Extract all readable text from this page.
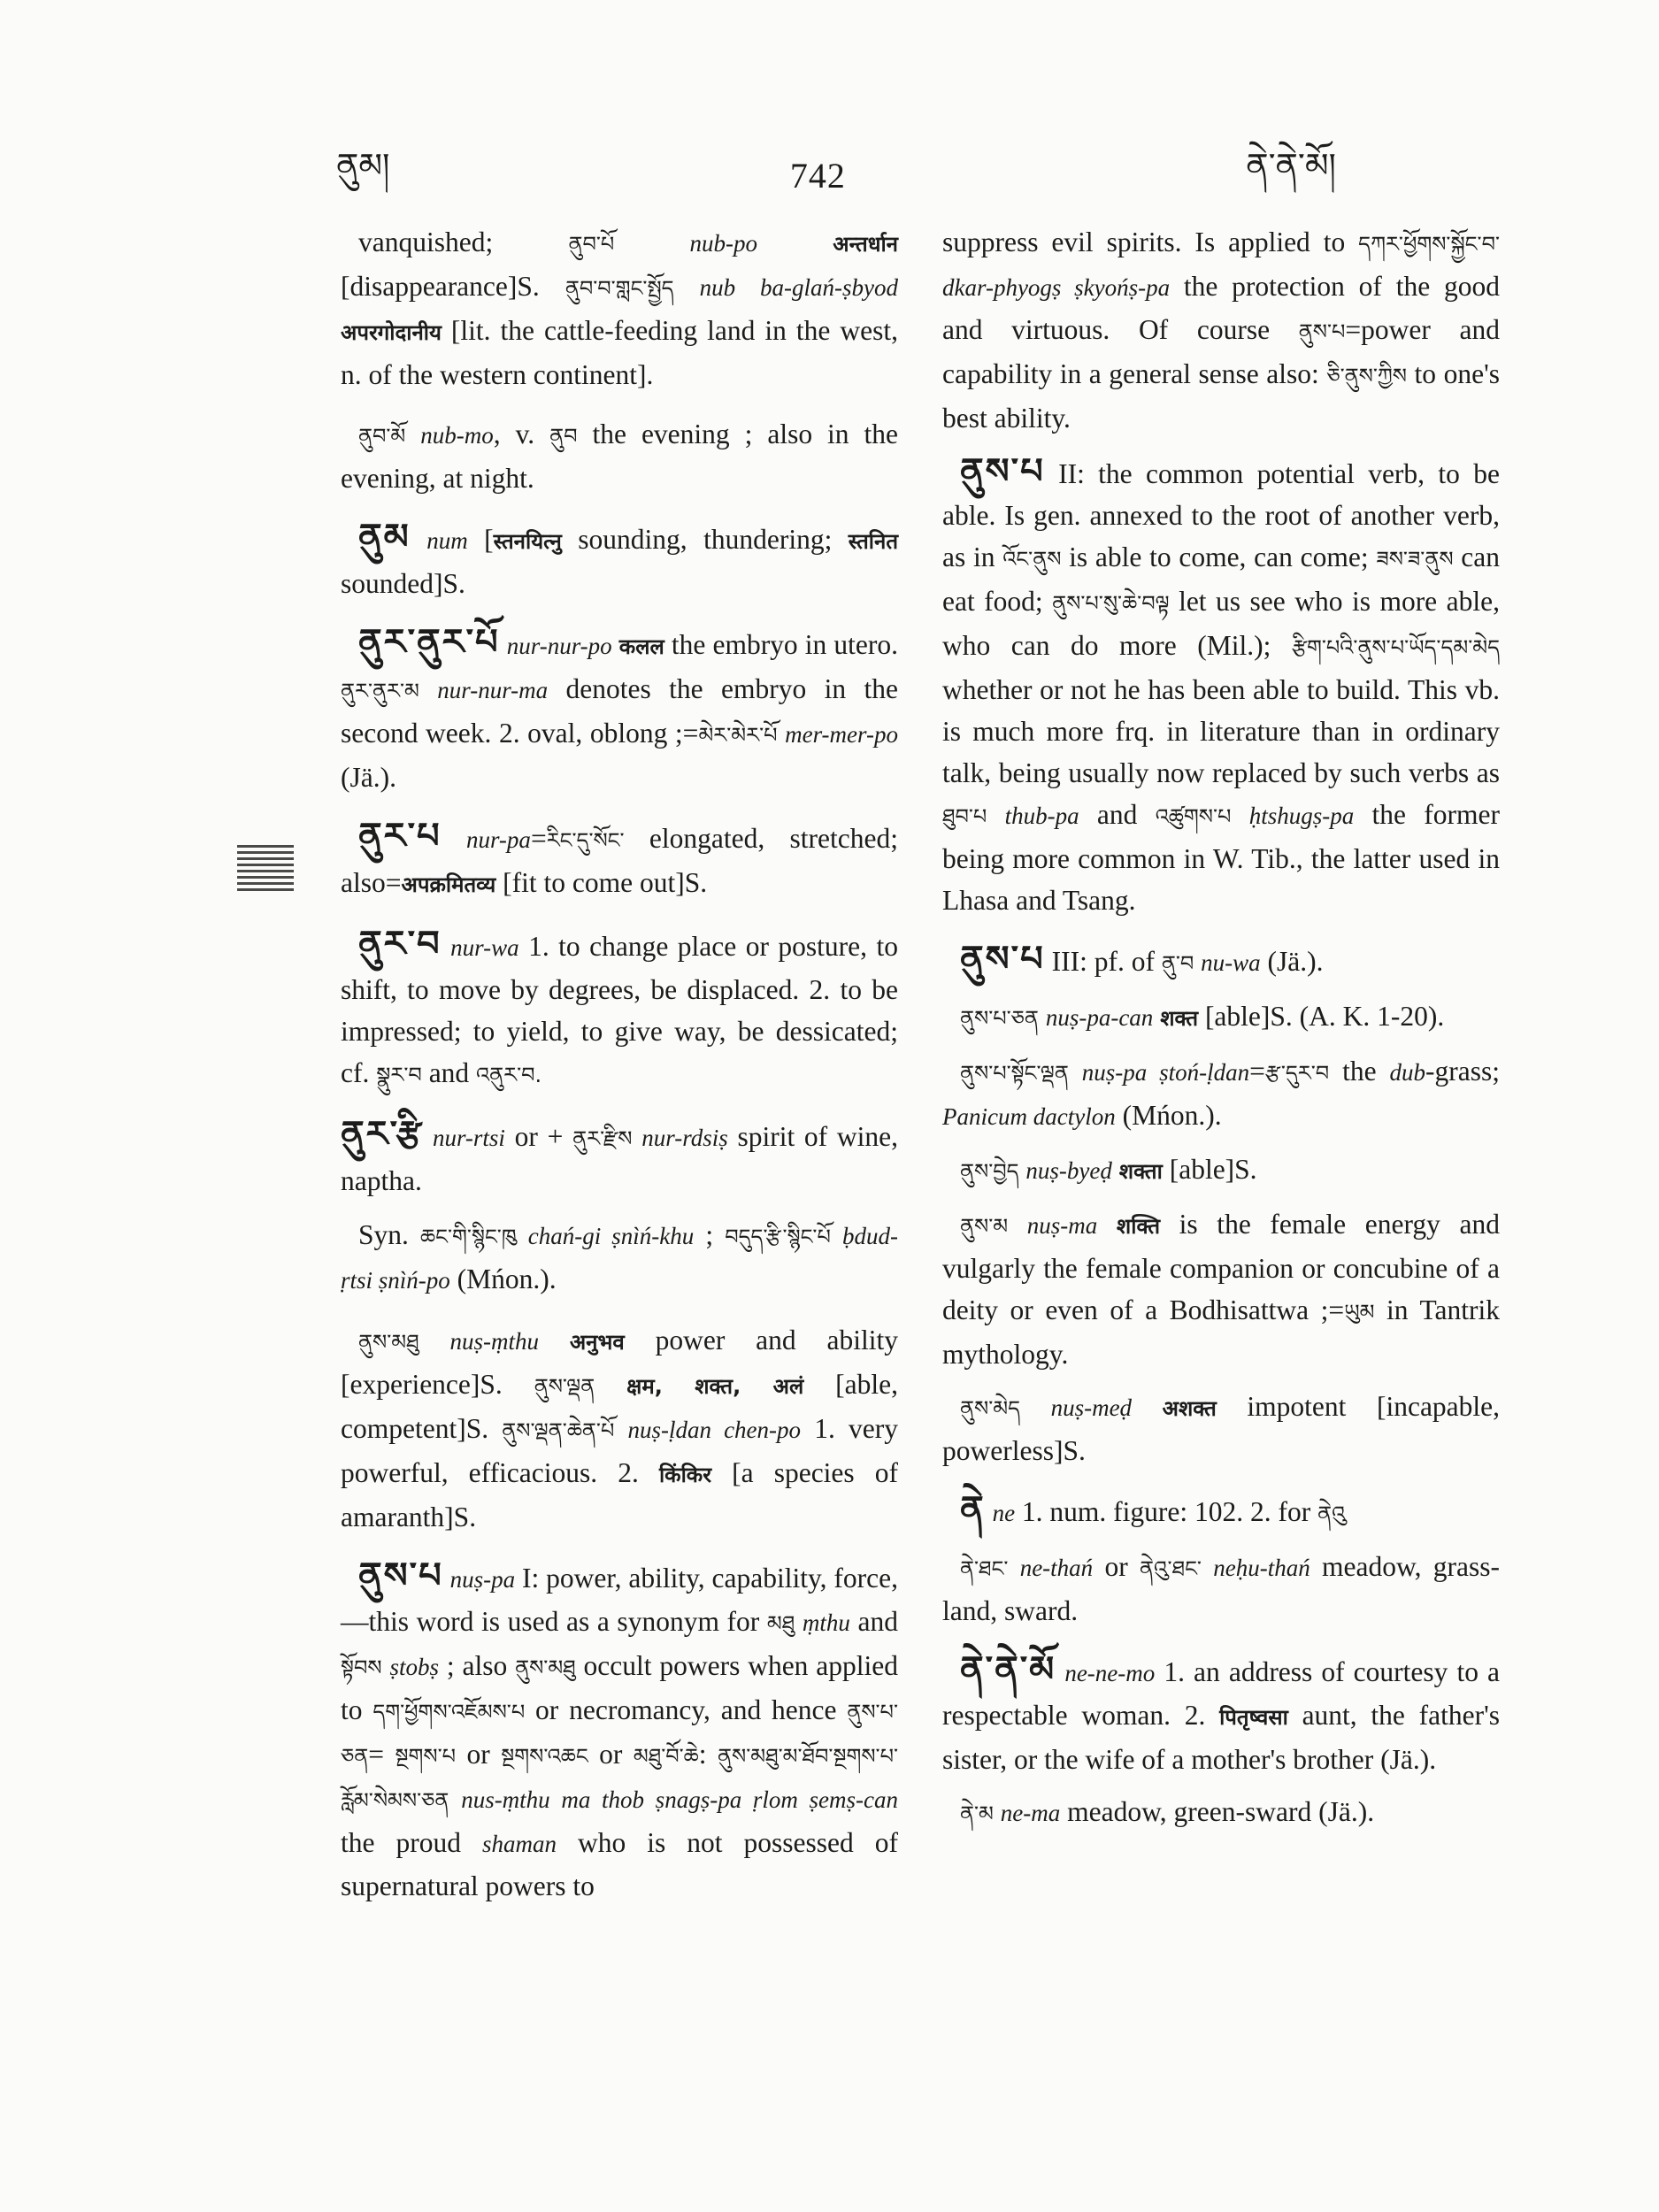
ནུམ།	742	ནེ་ནེ་མོ།

vanquished; ནུབ་པོ	nub-po	अन्तर्धान [disappearance]S. ནུབ་བ་གླང་སྤྱོད nub ba-glań-ṣbyod अपरगोदानीय [lit. the cattle-feeding land in the west, n. of the western continent].

ནུབ་མོ nub-mo, v. ནུབ the evening ; also in the evening, at night.

ནུམ num [स्तनयित्नु sounding, thundering; स्तनित sounded]S.

ནུར་ནུར་པོ nur-nur-po कलल the embryo in utero. ནུར་ནུར་མ nur-nur-ma denotes the embryo in the second week. 2. oval, oblong ;=མེར་མེར་པོ mer-mer-po (Jä.).

ནུར་པ nur-pa=རིང་དུ་སོང་ elongated, stretched; also=अपक्रमितव्य [fit to come out]S.

ནུར་བ nur-wa 1. to change place or posture, to shift, to move by degrees, be displaced. 2. to be impressed; to yield, to give way, be dessicated; cf. སྣུར་བ and འནུར་བ.

ནུར་རྩི nur-rtsi or + ནུར་རྫིས nur-rdsiṣ spirit of wine, naptha.

Syn. ཆང་གི་སྙིང་ཁུ chań-gi ṣnìń-khu ; བདུད་རྩི་སྙིང་པོ ḅdud-ṛtsi ṣnìń-po (Mńon.).

ནུས་མཐུ nuṣ-ṃthu अनुभव power and ability [experience]S. ནུས་ལྡན क्षम, शक्त, अलं [able, competent]S. ནུས་ལྡན་ཆེན་པོ nuṣ-ḷdan chen-po 1. very powerful, efficacious. 2. किंकिर [a species of amaranth]S.

ནུས་པ nuṣ-pa I: power, ability, capability, force,—this word is used as a synonym for མཐུ ṃthu and སྟོབས ṣtobṣ ; also ནུས་མཐུ occult powers when applied to དག་ཕྱོགས་འཇོམས་པ or necromancy, and hence ནུས་པ་ཅན= སྔགས་པ or སྔགས་འཆང or མཐུ་བོ་ཆེ: ནུས་མཐུ་མ་ཐོབ་སྔགས་པ་རློམ་སེམས་ཅན nus-ṃthu ma thob ṣnagṣ-pa ṛlom ṣemṣ-can the proud shaman who is not possessed of supernatural powers to

suppress evil spirits. Is applied to དཀར་ཕྱོགས་སྐྱོང་བ་ dkar-phyogṣ ṣkyońṣ-pa the protection of the good and virtuous. Of course ནུས་པ=power and capability in a general sense also: ཅི་ནུས་ཀྱིས to one's best ability.

ནུས་པ II: the common potential verb, to be able. Is gen. annexed to the root of another verb, as in འོང་ནུས is able to come, can come; ཟས་ཟ་ནུས can eat food; ནུས་པ་སུ་ཆེ་བལྟ let us see who is more able, who can do more (Mil.); རྩིག་པའི་ནུས་པ་ཡོད་དམ་མེད whether or not he has been able to build. This vb. is much more frq. in literature than in ordinary talk, being usually now replaced by such verbs as ཐུབ་པ thub-pa and འཚུགས་པ ḥtshugṣ-pa the former being more common in W. Tib., the latter used in Lhasa and Tsang.

ནུས་པ III: pf. of ནུ་བ nu-wa (Jä.).

ནུས་པ་ཅན nuṣ-pa-can शक्त [able]S. (A. K. 1-20).

ནུས་པ་སྟོང་ལྡན nuṣ-pa ṣtoń-ḷdan=རྩ་དུར་བ the dub-grass; Panicum dactylon (Mńon.).

ནུས་བྱེད nuṣ-byeḍ शक्ता [able]S.

ནུས་མ nuṣ-ma शक्ति is the female energy and vulgarly the female companion or concubine of a deity or even of a Bodhisattwa ;=ཡུམ in Tantrik mythology.

ནུས་མེད nuṣ-meḍ अशक्त impotent [incapable, powerless]S.

ནེ ne 1. num. figure: 102. 2. for ནེའུ

ནེ་ཐང་ ne-thań or ནེའུ་ཐང་ neḥu-thań meadow, grass-land, sward.

ནེ་ནེ་མོ ne-ne-mo 1. an address of courtesy to a respectable woman. 2. पितृष्वसा aunt, the father's sister, or the wife of a mother's brother (Jä.).

ནེ་མ ne-ma meadow, green-sward (Jä.).
